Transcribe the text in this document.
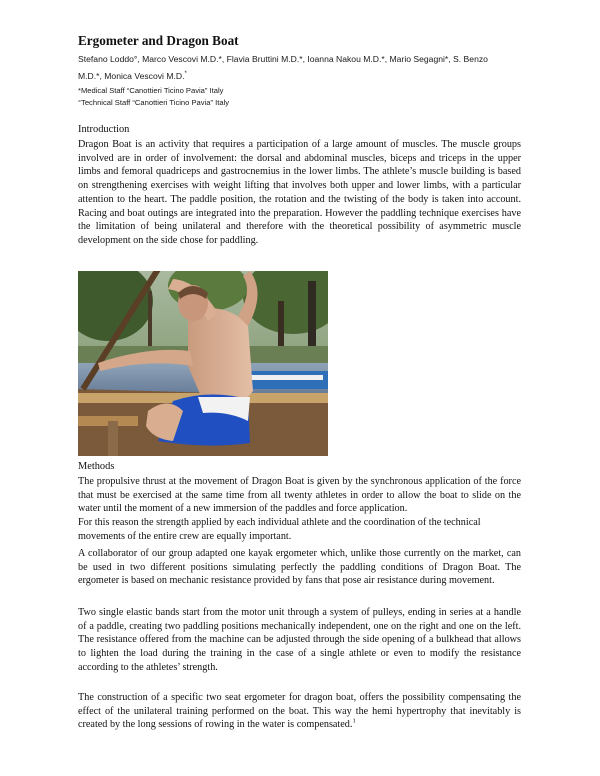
Ergometer and Dragon Boat
Stefano Loddo°, Marco Vescovi M.D.*, Flavia Bruttini M.D.*, Ioanna Nakou M.D.*, Mario Segagni*, S. Benzo
M.D.*, Monica Vescovi M.D.*
*Medical Staff “Canottieri Ticino Pavia” Italy
°Technical Staff “Canottieri Ticino Pavia” Italy
Introduction
Dragon Boat is an activity that requires a participation of a large amount of muscles. The muscle groups involved are in order of involvement: the dorsal and abdominal muscles, biceps and triceps in the upper limbs and femoral quadriceps and gastrocnemius in the lower limbs. The athlete’s muscle building is based on strengthening exercises with weight lifting that involves both upper and lower limbs, with a particular attention to the heart. The paddle position, the rotation and the twisting of the body is taken into account. Racing and boat outings are integrated into the preparation. However the paddling technique exercises have the limitation of being unilateral and therefore with the theoretical possibility of asymmetric muscle development on the side chose for paddling.
Methods
The propulsive thrust at the movement of Dragon Boat is given by the synchronous application of the force that must be exercised at the same time from all twenty athletes in order to allow the boat to slide on the water until the moment of a new immersion of the paddles and force application.
For this reason the strength applied by each individual athlete and the coordination of the technical movements of the entire crew are equally important.
A collaborator of our group adapted one kayak ergometer which, unlike those currently on the market, can be used in two different positions simulating perfectly the paddling conditions of Dragon Boat. The ergometer is based on mechanic resistance provided by fans that pose air resistance during movement.
Two single elastic bands start from the motor unit through a system of pulleys, ending in series at a handle of a paddle, creating two paddling positions mechanically independent, one on the right and one on the left. The resistance offered from the machine can be adjusted through the side opening of a bulkhead that allows to lighten the load during the training in the case of a single athlete or even to modify the resistance according to the athletes’ strength.
The construction of a specific two seat ergometer for dragon boat, offers the possibility compensating the effect of the unilateral training performed on the boat. This way the hemi hypertrophy that inevitably is created by the long sessions of rowing in the water is compensated.$^1$
